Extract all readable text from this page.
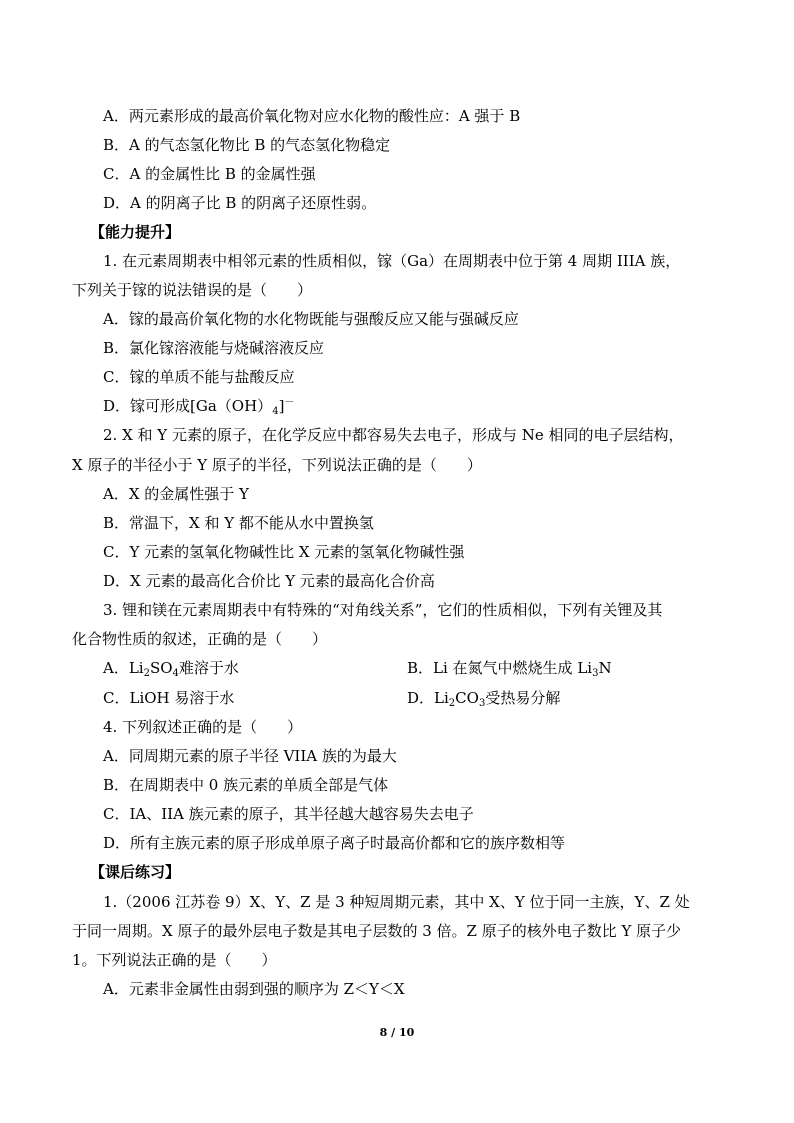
A．两元素形成的最高价氧化物对应水化物的酸性应：A 强于 B
B．A 的气态氢化物比 B 的气态氢化物稳定
C．A 的金属性比 B 的金属性强
D．A 的阴离子比 B 的阴离子还原性弱。
【能力提升】
1. 在元素周期表中相邻元素的性质相似，镓（Ga）在周期表中位于第 4 周期 IIIA 族，
下列关于镓的说法错误的是（　　）
A．镓的最高价氧化物的水化物既能与强酸反应又能与强碱反应
B．氯化镓溶液能与烧碱溶液反应
C．镓的单质不能与盐酸反应
D．镓可形成$[Ga(OH)_4]^-$
2. X 和 Y 元素的原子，在化学反应中都容易失去电子，形成与 Ne 相同的电子层结构，
X 原子的半径小于 Y 原子的半径，下列说法正确的是（　　）
A．X 的金属性强于 Y
B．常温下，X 和 Y 都不能从水中置换氢
C．Y 元素的氢氧化物碱性比 X 元素的氢氧化物碱性强
D．X 元素的最高化合价比 Y 元素的最高化合价高
3. 锂和镁在元素周期表中有特殊的“对角线关系”，它们的性质相似，下列有关锂及其
化合物性质的叙述，正确的是（　　）
A．$Li_2SO_4$难溶于水	B．Li 在氮气中燃烧生成 $Li_3N$
C．LiOH 易溶于水	D．$Li_2CO_3$受热易分解
4. 下列叙述正确的是（　　）
A．同周期元素的原子半径 VIIA 族的为最大
B．在周期表中 0 族元素的单质全部是气体
C．IA、IIA 族元素的原子，其半径越大越容易失去电子
D．所有主族元素的原子形成单原子离子时最高价都和它的族序数相等
【课后练习】
1.（2006 江苏卷 9）X、Y、Z 是 3 种短周期元素，其中 X、Y 位于同一主族，Y、Z 处
于同一周期。X 原子的最外层电子数是其电子层数的 3 倍。Z 原子的核外电子数比 Y 原子少
1。下列说法正确的是（　　）
A．元素非金属性由弱到强的顺序为 Z＜Y＜X
8 / 10
